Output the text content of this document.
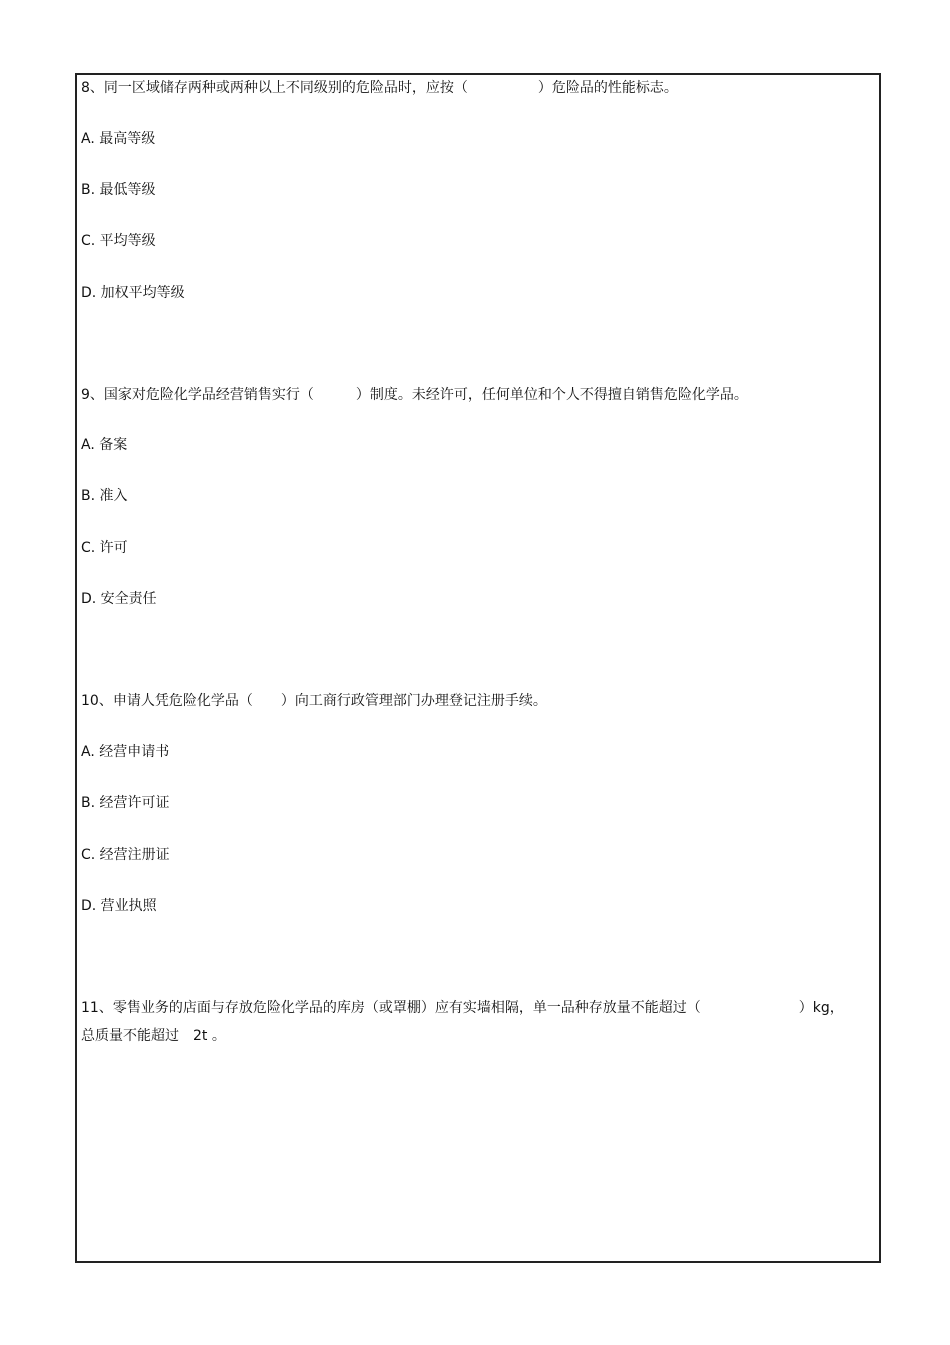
8、同一区域储存两种或两种以上不同级别的危险品时，应按（　　　　　）危险品的性能标志。
A. 最高等级
B. 最低等级
C. 平均等级
D. 加权平均等级
9、国家对危险化学品经营销售实行（　　　）制度。未经许可，任何单位和个人不得擅自销售危险化学品。
A. 备案
B. 准入
C. 许可
D. 安全责任
10、申请人凭危险化学品（　　）向工商行政管理部门办理登记注册手续。
A. 经营申请书
B. 经营许可证
C. 经营注册证
D. 营业执照
11、零售业务的店面与存放危险化学品的库房（或罩棚）应有实墙相隔，单一品种存放量不能超过（　　　　　　　）kg，
总质量不能超过　2t 。
